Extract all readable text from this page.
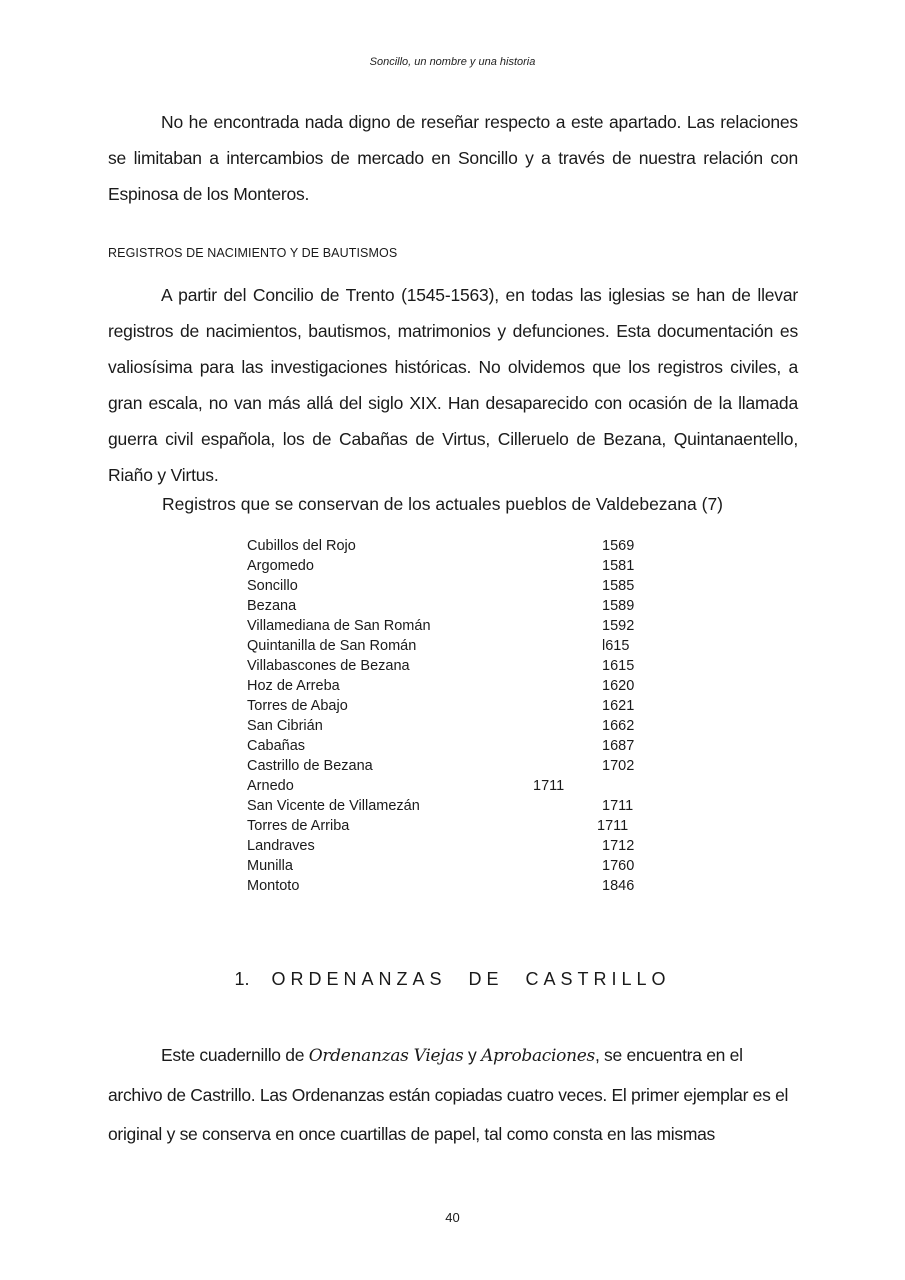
Soncillo, un nombre y una historia
No he encontrada nada digno de reseñar respecto a este apartado. Las relaciones se limitaban a intercambios de mercado en Soncillo y a través de nuestra relación con Espinosa de los Monteros.
REGISTROS DE NACIMIENTO Y DE BAUTISMOS
A partir del Concilio de Trento (1545-1563), en todas las iglesias se han de llevar registros de nacimientos, bautismos, matrimonios y defunciones. Esta documentación es valiosísima para las investigaciones históricas. No olvidemos que los registros civiles, a gran escala, no van más allá del siglo XIX. Han desaparecido con ocasión de la llamada guerra civil española, los de Cabañas de Virtus, Cilleruelo de Bezana, Quintanaentello, Riaño y Virtus.
Registros que se conservan de los actuales pueblos de Valdebezana (7)
Cubillos del Rojo	1569
Argomedo	1581
Soncillo	1585
Bezana	1589
Villamediana de San Román	1592
Quintanilla de San Román	l615
Villabascones de Bezana	1615
Hoz de Arreba	1620
Torres de Abajo	1621
San Cibrián	1662
Cabañas	1687
Castrillo de Bezana	1702
Arnedo	1711
San Vicente de Villamezán	1711
Torres de Arriba	1711
Landraves	1712
Munilla	1760
Montoto	1846
1. ORDENANZAS DE CASTRILLO
Este cuadernillo de Ordenanzas Viejas y Aprobaciones, se encuentra en el archivo de Castrillo. Las Ordenanzas están copiadas cuatro veces. El primer ejemplar es el original y se conserva en once cuartillas de papel, tal como consta en las mismas
40
